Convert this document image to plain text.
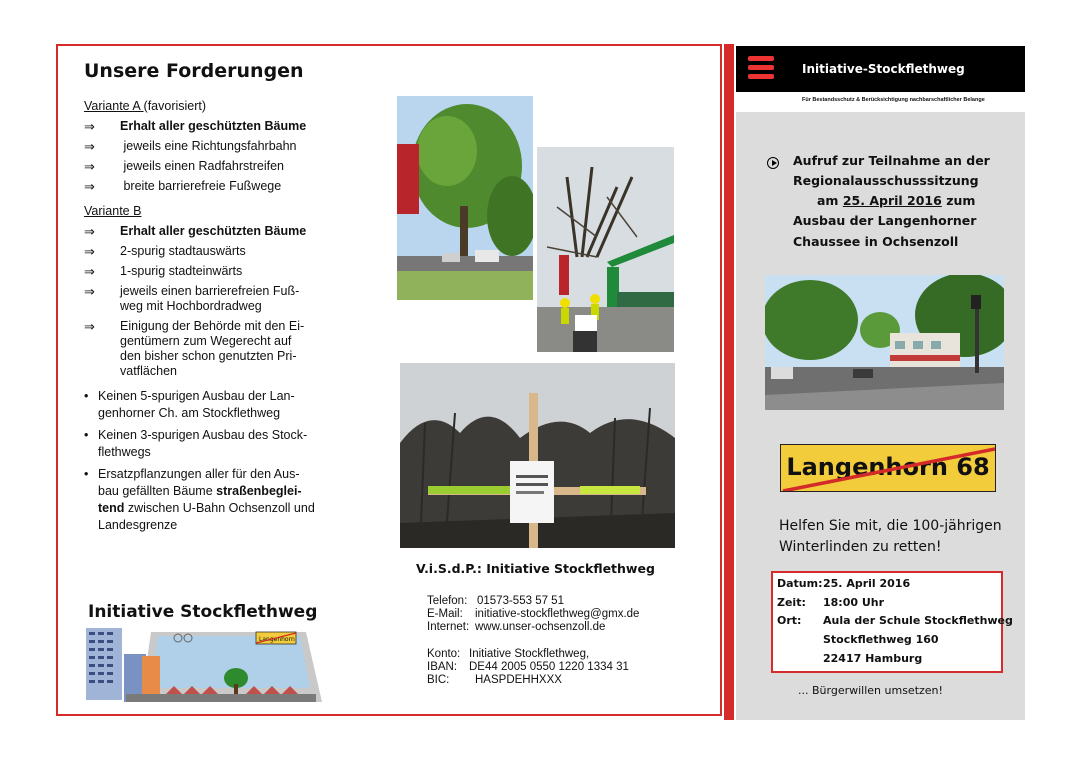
Unsere Forderungen
Variante A (favorisiert)
⇒ Erhalt aller geschützten Bäume
⇒ jeweils eine Richtungsfahrbahn
⇒ jeweils einen Radfahrstreifen
⇒ breite barrierefreie Fußwege
Variante B
⇒ Erhalt aller geschützten Bäume
⇒ 2-spurig stadtauswärts
⇒ 1-spurig stadteinwärts
⇒ jeweils einen barrierefreien Fuß-
weg mit Hochbordradweg
⇒ Einigung der Behörde mit den Ei-
gentümern zum Wegerecht auf
den bisher schon genutzten Pri-
vatflächen
• Keinen 5-spurigen Ausbau der Lan-
genhorner Ch. am Stockflethweg
• Keinen 3-spurigen Ausbau des Stock-
flethwegs
• Ersatzpflanzungen aller für den Aus-
bau gefällten Bäume straßenbeglei-
tend zwischen U-Bahn Ochsenzoll und
Landesgrenze
V.i.S.d.P.: Initiative Stockflethweg
Telefon: 01573-553 57 51
E-Mail:	initiative-stockflethweg@gmx.de
Internet: www.unser-ochsenzoll.de
Konto: Initiative Stockflethweg,
IBAN:	DE44 2005 0550 1220 1334 31
BIC:	HASPDEHHXXX
Initiative Stockflethweg
Langenhorn
Initiative-Stockflethweg
Für Bestandsschutz & Berücksichtigung nachbarschaftlicher Belange
Aufruf zur Teilnahme an der
Regionalausschusssitzung
am 25. April 2016 zum
Ausbau der Langenhorner
Chaussee in Ochsenzoll
Langenhorn 68
Helfen Sie mit, die 100-jährigen
Winterlinden zu retten!
Datum: 25. April 2016
Zeit: 18:00 Uhr
Ort: Aula der Schule Stockflethweg
Stockflethweg 160
22417 Hamburg
... Bürgerwillen umsetzen!
